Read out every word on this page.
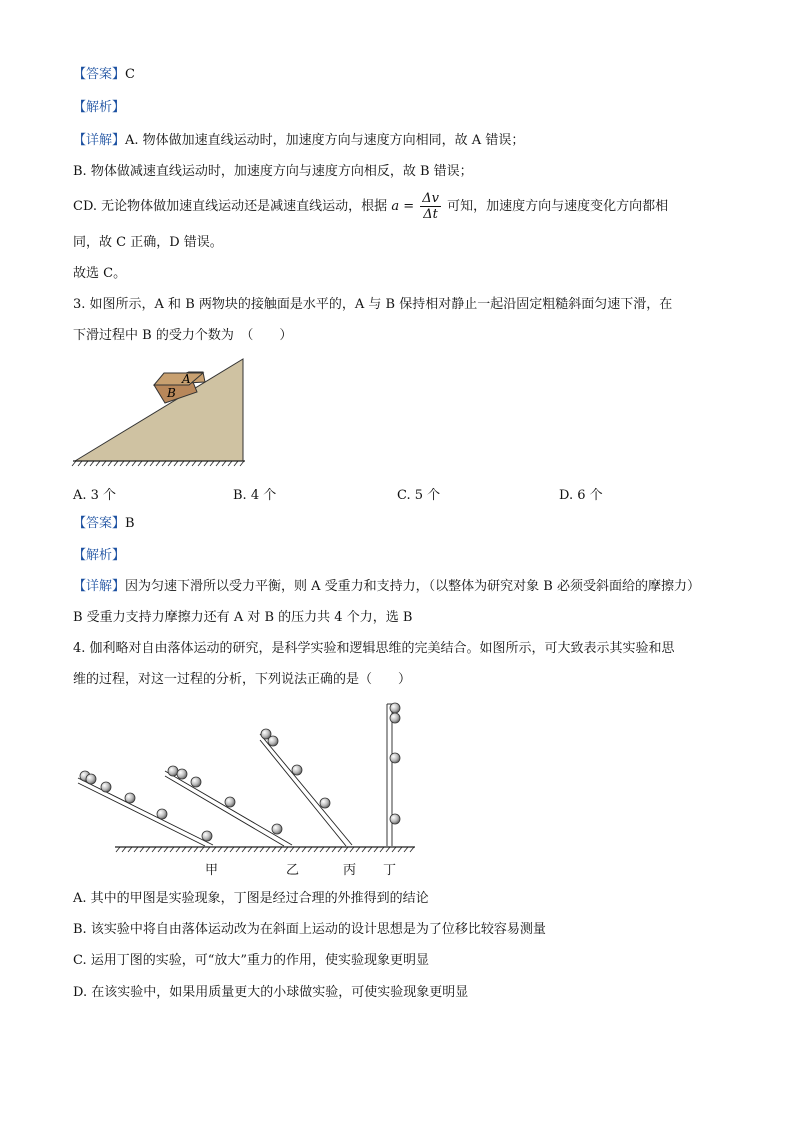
【答案】C
【解析】
【详解】A. 物体做加速直线运动时，加速度方向与速度方向相同，故 A 错误；
B. 物体做减速直线运动时，加速度方向与速度方向相反，故 B 错误；
CD. 无论物体做加速直线运动还是减速直线运动，根据 $a = \frac{\Delta v}{\Delta t}$ 可知，加速度方向与速度变化方向都相
同，故 C 正确，D 错误。
故选 C。
3. 如图所示，A 和 B 两物块的接触面是水平的，A 与 B 保持相对静止一起沿固定粗糙斜面匀速下滑，在
下滑过程中 B 的受力个数为　（　　）
A
B
A. 3 个	B. 4 个	C. 5 个	D. 6 个
【答案】B
【解析】
【详解】因为匀速下滑所以受力平衡，则 A 受重力和支持力，（以整体为研究对象 B 必须受斜面给的摩擦力）
B 受重力支持力摩擦力还有 A 对 B 的压力共 4 个力，选 B
4. 伽利略对自由落体运动的研究，是科学实验和逻辑思维的完美结合。如图所示，可大致表示其实验和思
维的过程，对这一过程的分析，下列说法正确的是（　　）
甲	乙	丙 丁
A. 其中的甲图是实验现象，丁图是经过合理的外推得到的结论
B. 该实验中将自由落体运动改为在斜面上运动的设计思想是为了位移比较容易测量
C. 运用丁图的实验，可“放大”重力的作用，使实验现象更明显
D. 在该实验中，如果用质量更大的小球做实验，可使实验现象更明显
